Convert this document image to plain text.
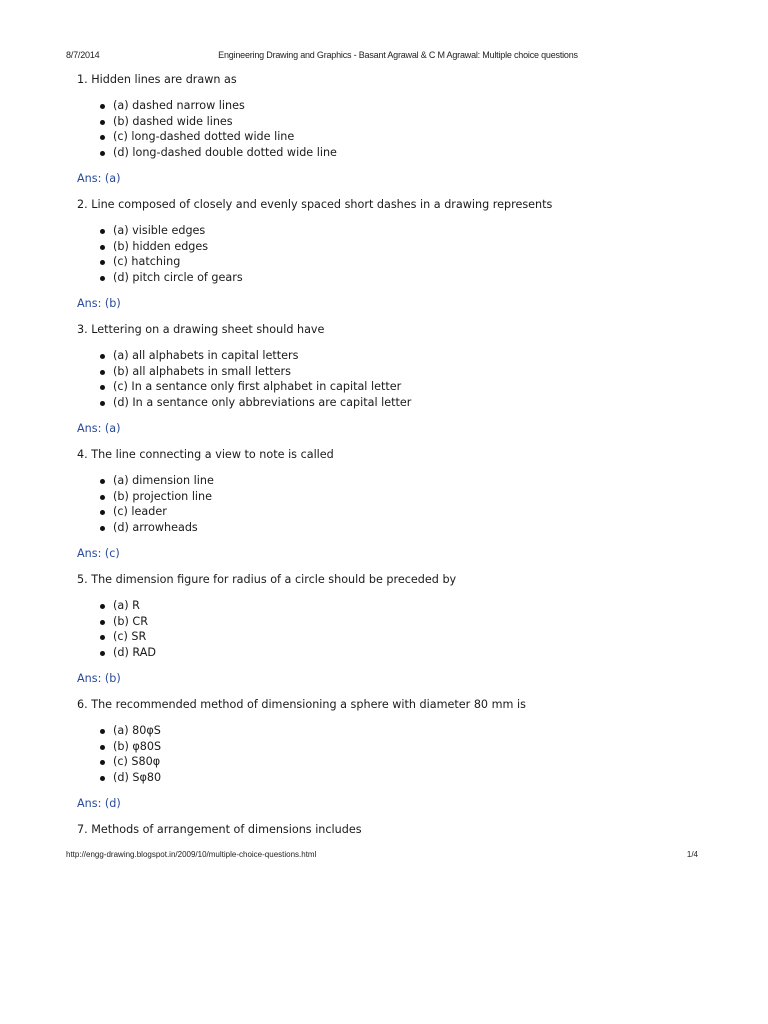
8/7/2014	Engineering Drawing and Graphics - Basant Agrawal & C M Agrawal: Multiple choice questions

1. Hidden lines are drawn as

(a) dashed narrow lines
(b) dashed wide lines
(c) long-dashed dotted wide line
(d) long-dashed double dotted wide line

Ans: (a)

2. Line composed of closely and evenly spaced short dashes in a drawing represents

(a) visible edges
(b) hidden edges
(c) hatching
(d) pitch circle of gears

Ans: (b)

3. Lettering on a drawing sheet should have

(a) all alphabets in capital letters
(b) all alphabets in small letters
(c) In a sentance only first alphabet in capital letter
(d) In a sentance only abbreviations are capital letter

Ans: (a)

4. The line connecting a view to note is called

(a) dimension line
(b) projection line
(c) leader
(d) arrowheads

Ans: (c)

5. The dimension figure for radius of a circle should be preceded by

(a) R
(b) CR
(c) SR
(d) RAD

Ans: (b)

6. The recommended method of dimensioning a sphere with diameter 80 mm is

(a) 80φS
(b) φ80S
(c) S80φ
(d) Sφ80

Ans: (d)

7. Methods of arrangement of dimensions includes

http://engg-drawing.blogspot.in/2009/10/multiple-choice-questions.html	1/4
